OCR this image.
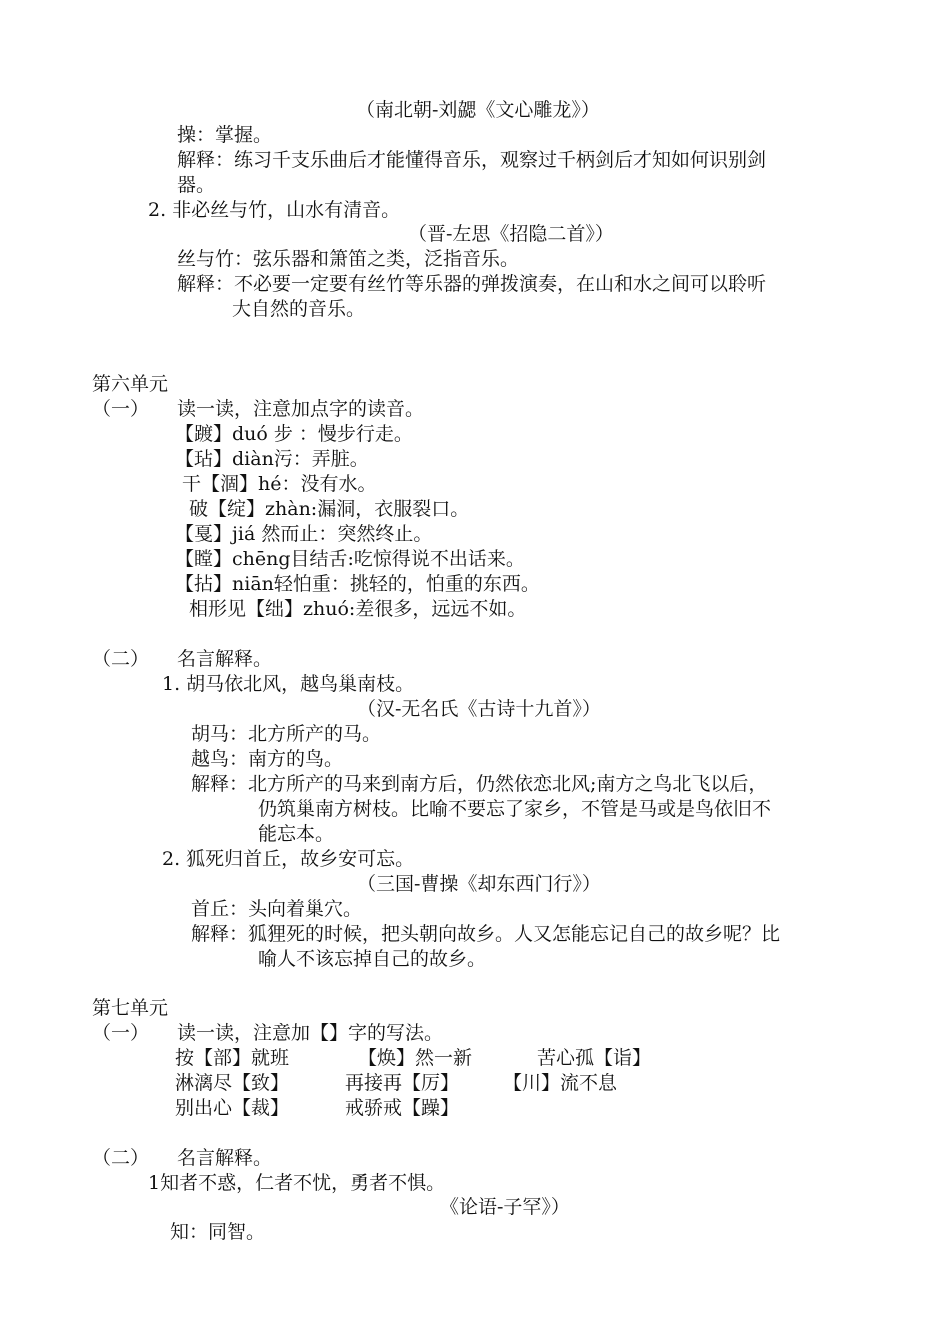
（南北朝-刘勰《文心雕龙》）
操：掌握。
解释：练习千支乐曲后才能懂得音乐，观察过千柄剑后才知如何识别剑
器。
2. 非必丝与竹，山水有清音。
（晋-左思《招隐二首》）
丝与竹：弦乐器和箫笛之类，泛指音乐。
解释：不必要一定要有丝竹等乐器的弹拨演奏，在山和水之间可以聆听
大自然的音乐。
第六单元
（一） 读一读，注意加点字的读音。
【踱】duó 步 ：慢步行走。
【玷】diàn污：弄脏。
干【涸】hé：没有水。
破【绽】zhàn:漏洞，衣服裂口。
【戛】jiá 然而止：突然终止。
【瞠】chēng目结舌:吃惊得说不出话来。
【拈】niān轻怕重：挑轻的，怕重的东西。
相形见【绌】zhuó:差很多，远远不如。
（二） 名言解释。
1. 胡马依北风，越鸟巢南枝。
（汉-无名氏《古诗十九首》）
胡马：北方所产的马。
越鸟：南方的鸟。
解释：北方所产的马来到南方后，仍然依恋北风;南方之鸟北飞以后，
仍筑巢南方树枝。比喻不要忘了家乡，不管是马或是鸟依旧不
能忘本。
2. 狐死归首丘，故乡安可忘。
（三国-曹操《却东西门行》）
首丘：头向着巢穴。
解释：狐狸死的时候，把头朝向故乡。人又怎能忘记自己的故乡呢？比
喻人不该忘掉自己的故乡。
第七单元
（一） 读一读，注意加【】字的写法。
按【部】就班	【焕】然一新	苦心孤【诣】
淋漓尽【致】	再接再【厉】 【川】流不息
别出心【裁】	戒骄戒【躁】
（二） 名言解释。
1知者不惑，仁者不忧，勇者不惧。
《论语-子罕》）
知：同智。
